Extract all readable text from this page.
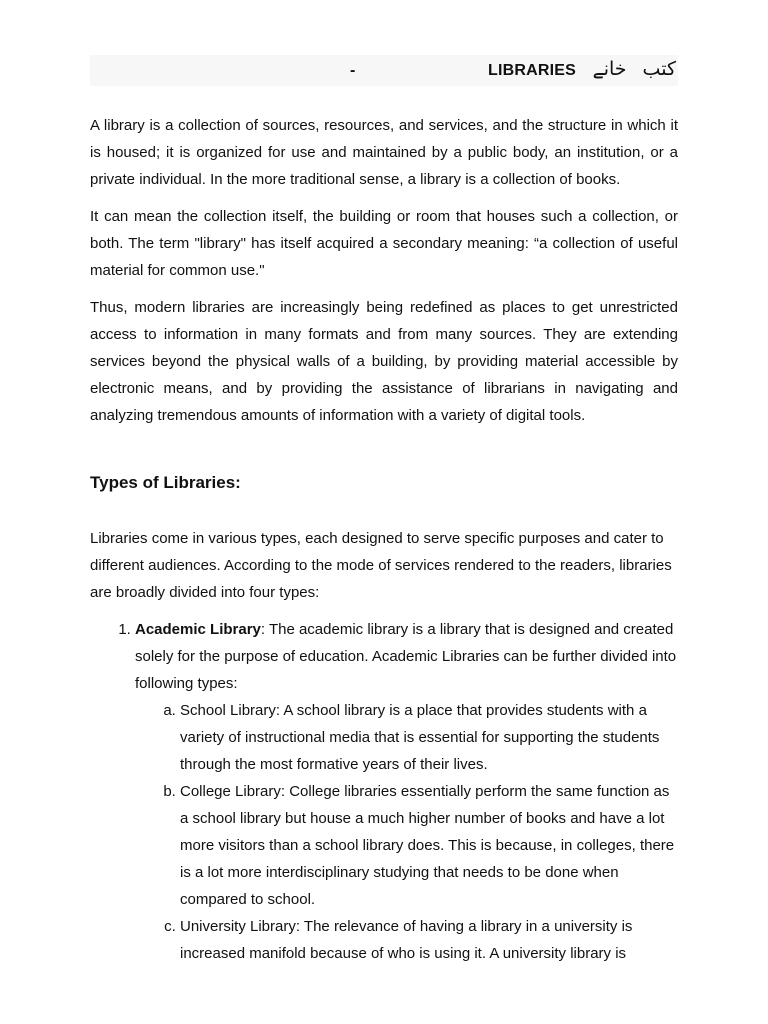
-	LIBRARIES کتب خانے

A library is a collection of sources, resources, and services, and the structure in which it is housed; it is organized for use and maintained by a public body, an institution, or a private individual. In the more traditional sense, a library is a collection of books.

It can mean the collection itself, the building or room that houses such a collection, or both. The term "library" has itself acquired a secondary meaning: “a collection of useful material for common use."

Thus, modern libraries are increasingly being redefined as places to get unrestricted access to information in many formats and from many sources. They are extending services beyond the physical walls of a building, by providing material accessible by electronic means, and by providing the assistance of librarians in navigating and analyzing tremendous amounts of information with a variety of digital tools.

Types of Libraries:

Libraries come in various types, each designed to serve specific purposes and cater to different audiences. According to the mode of services rendered to the readers, libraries are broadly divided into four types:

1. Academic Library: The academic library is a library that is designed and created solely for the purpose of education. Academic Libraries can be further divided into following types:
a. School Library: A school library is a place that provides students with a variety of instructional media that is essential for supporting the students through the most formative years of their lives.
b. College Library: College libraries essentially perform the same function as a school library but house a much higher number of books and have a lot more visitors than a school library does. This is because, in colleges, there is a lot more interdisciplinary studying that needs to be done when compared to school.
c. University Library: The relevance of having a library in a university is increased manifold because of who is using it. A university library is
